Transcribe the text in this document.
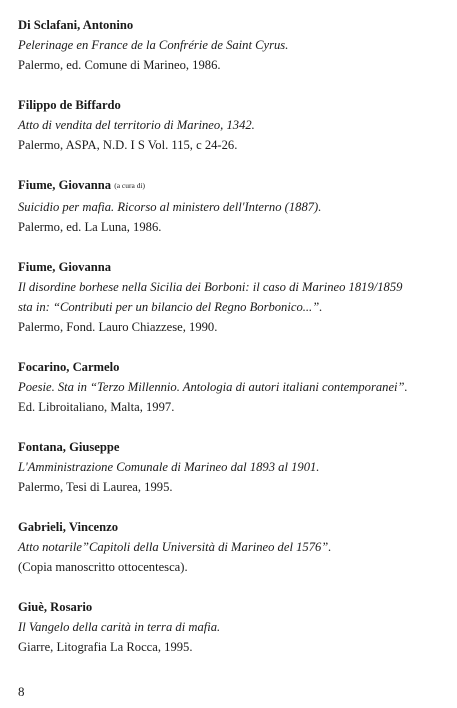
Di Sclafani, Antonino
Pelerinage en France de la Confrérie de Saint Cyrus.
Palermo, ed. Comune di Marineo, 1986.
Filippo de Biffardo
Atto di vendita del territorio di Marineo, 1342.
Palermo, ASPA, N.D. I S Vol. 115, c 24-26.
Fiume, Giovanna (a cura di)
Suicidio per mafia. Ricorso al ministero dell'Interno (1887).
Palermo, ed. La Luna, 1986.
Fiume, Giovanna
Il disordine borhese nella Sicilia dei Borboni: il caso di Marineo 1819/1859
sta in: “Contributi per un bilancio del Regno Borbonico...”.
Palermo, Fond. Lauro Chiazzese, 1990.
Focarino, Carmelo
Poesie. Sta in “Terzo Millennio. Antologia di autori italiani contemporanei”.
Ed. Libroitaliano, Malta, 1997.
Fontana, Giuseppe
L'Amministrazione Comunale di Marineo dal 1893 al 1901.
Palermo, Tesi di Laurea, 1995.
Gabrieli, Vincenzo
Atto notarile”Capitoli della Università di Marineo del 1576”.
(Copia manoscritto ottocentesca).
Giuè, Rosario
Il Vangelo della carità in terra di mafia.
Giarre, Litografia La Rocca, 1995.
8
